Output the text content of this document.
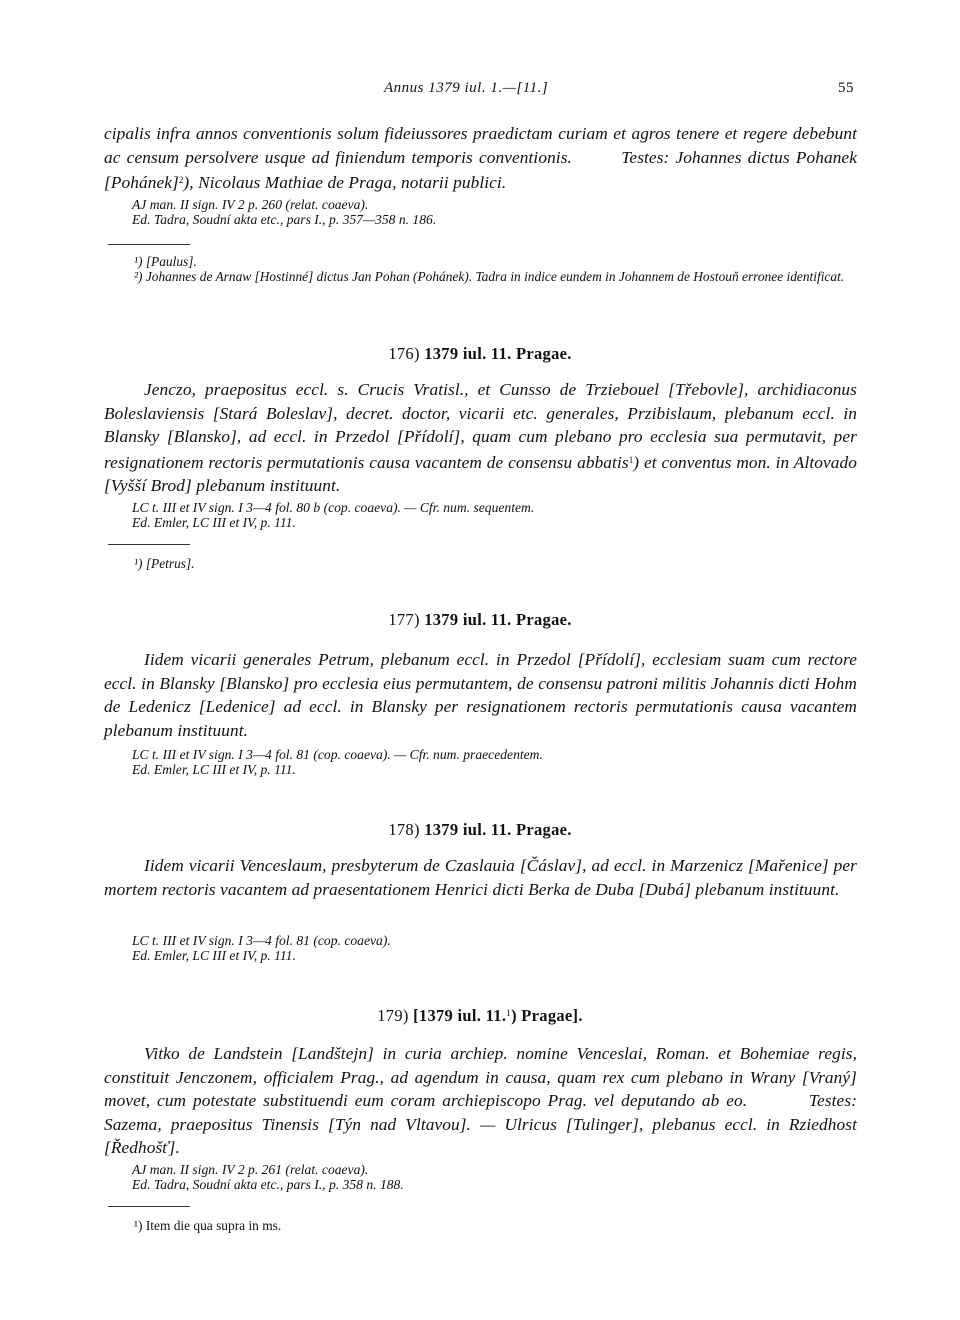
Annus 1379 iul. 1.—[11.]	55

cipalis infra annos conventionis solum fideiussores praedictam curiam et agros tenere et regere debebunt ac censum persolvere usque ad finiendum temporis conventionis.	Testes: Johannes dictus Pohanek [Pohánek]$^2$), Nicolaus Mathiae de Praga, notarii publici.

AJ man. II sign. IV 2 p. 260 (relat. coaeva).

Ed. Tadra, Soudní akta etc., pars I., p. 357—358 n. 186.

¹) [Paulus].

²) Johannes de Arnaw [Hostinné] dictus Jan Pohan (Pohánek). Tadra in indice eundem in Johannem de Hostouň erronee identificat.

176) 1379 iul. 11. Pragae.

Jenczo, praepositus eccl. s. Crucis Vratisl., et Cunsso de Trziebouel [Třebovle], archidiaconus Boleslaviensis [Stará Boleslav], decret. doctor, vicarii etc. generales, Przibislaum, plebanum eccl. in Blansky [Blansko], ad eccl. in Przedol [Přídolí], quam cum plebano pro ecclesia sua permutavit, per resignationem rectoris permutationis causa vacantem de consensu abbatis$^1$) et conventus mon. in Altovado [Vyšší Brod] plebanum instituunt.

LC t. III et IV sign. I 3—4 fol. 80 b (cop. coaeva). — Cfr. num. sequentem.

Ed. Emler, LC III et IV, p. 111.

¹) [Petrus].

177) 1379 iul. 11. Pragae.

Iidem vicarii generales Petrum, plebanum eccl. in Przedol [Přídolí], ecclesiam suam cum rectore eccl. in Blansky [Blansko] pro ecclesia eius permutantem, de consensu patroni militis Johannis dicti Hohm de Ledenicz [Ledenice] ad eccl. in Blansky per resignationem rectoris permutationis causa vacantem plebanum instituunt.

LC t. III et IV sign. I 3—4 fol. 81 (cop. coaeva). — Cfr. num. praecedentem.

Ed. Emler, LC III et IV, p. 111.

178) 1379 iul. 11. Pragae.

Iidem vicarii Venceslaum, presbyterum de Czaslauia [Čáslav], ad eccl. in Marzenicz [Mařenice] per mortem rectoris vacantem ad praesentationem Henrici dicti Berka de Duba [Dubá] plebanum instituunt.

LC t. III et IV sign. I 3—4 fol. 81 (cop. coaeva).

Ed. Emler, LC III et IV, p. 111.

179) [1379 iul. 11.$^1$) Pragae].

Vitko de Landstein [Landštejn] in curia archiep. nomine Venceslai, Roman. et Bohemiae regis, constituit Jenczonem, officialem Prag., ad agendum in causa, quam rex cum plebano in Wrany [Vraný] movet, cum potestate substituendi eum coram archiepiscopo Prag. vel deputando ab eo.	Testes: Sazema, praepositus Tinensis [Týn nad Vltavou]. — Ulricus [Tulinger], plebanus eccl. in Rziedhost [Ředhošť].

AJ man. II sign. IV 2 p. 261 (relat. coaeva).

Ed. Tadra, Soudní akta etc., pars I., p. 358 n. 188.

¹) Item die qua supra in ms.
